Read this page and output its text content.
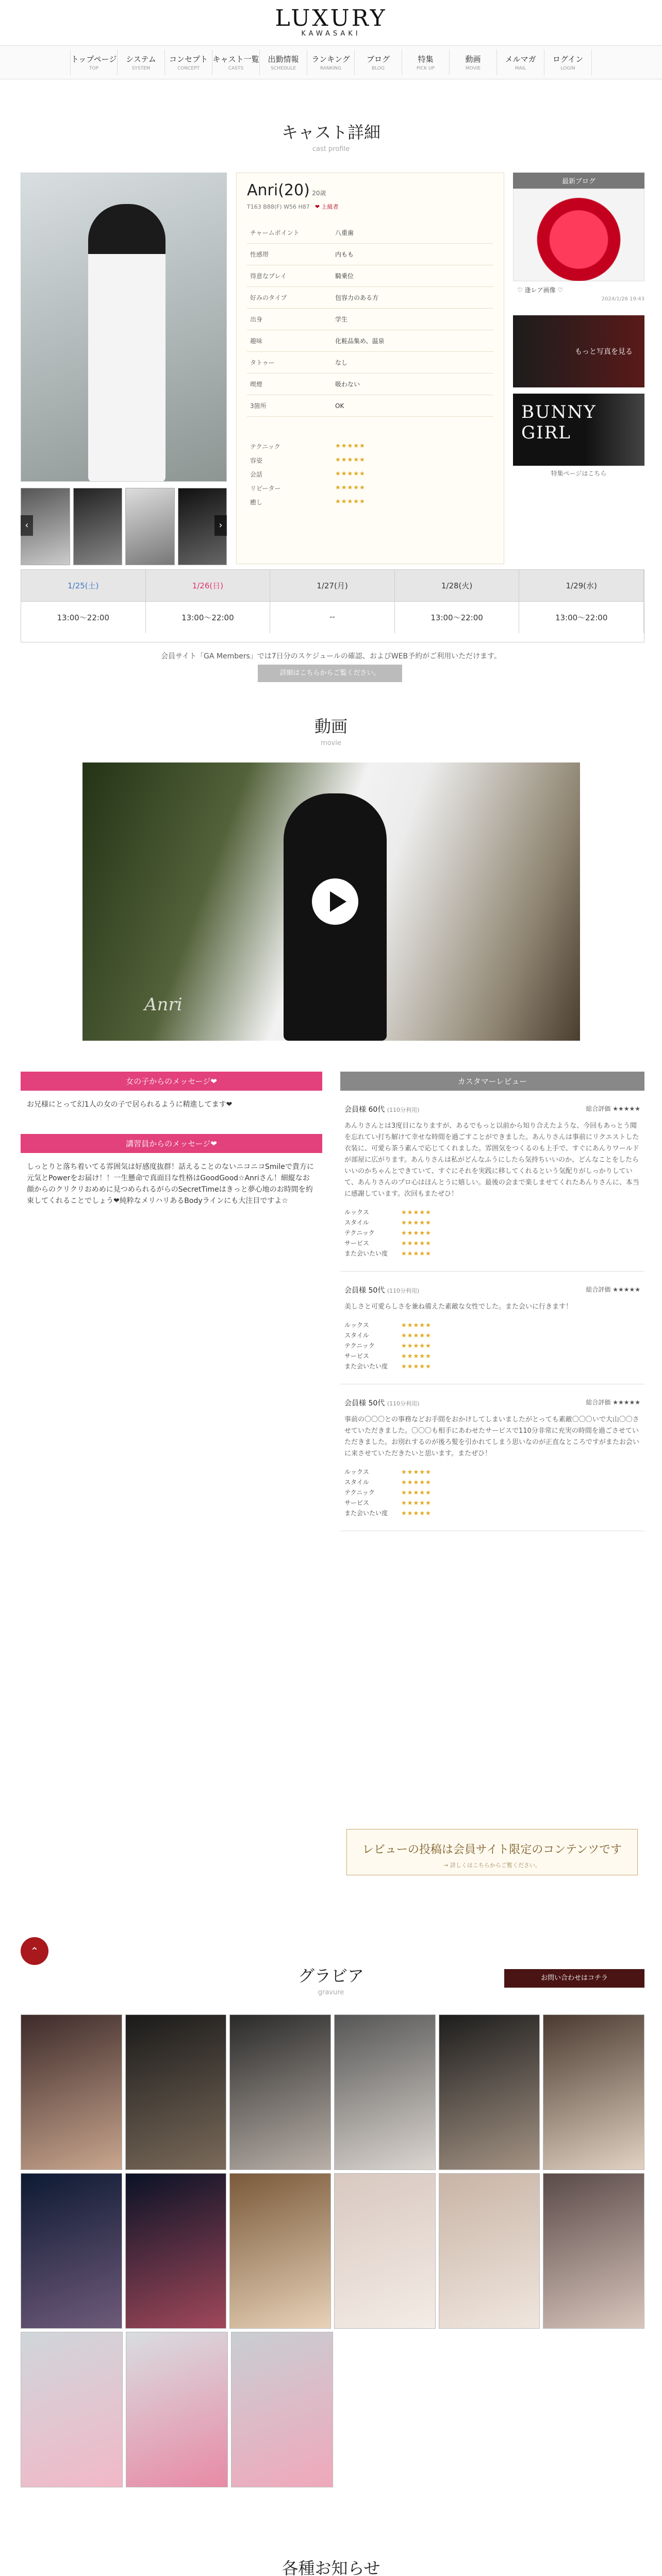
LUXURY
KAWASAKI
トップページ
TOP
システム
SYSTEM
コンセプト
CONCEPT
キャスト一覧
CASTS
出勤情報
SCHEDULE
ランキング
RANKING
ブログ
BLOG
特集
PICK UP
動画
MOVIE
メルマガ
MAIL
ログイン
LOGIN
キャスト詳細
cast profile
‹	›
Anri(20) 20歳
T163 B88(F) W56 H87 ❤ 上級者
チャームポイント	八重歯
性感帯	内もも
得意なプレイ	騎乗位
好みのタイプ	包容力のある方
出身	学生
趣味	化粧品集め、温泉
タトゥー	なし
喫煙	吸わない
3箇所	OK
テクニック	★★★★★
容姿	★★★★★
会話	★★★★★
リピーター	★★★★★
癒し	★★★★★
最新ブログ
♡ 逢レア画像 ♡
2024/1/26 19:43
もっと写真を見る
BUNNY GIRL
特集ページはこちら
1/25(土)	1/26(日)	1/27(月)	1/28(火)	1/29(水)
13:00〜22:00	13:00〜22:00	--	13:00〜22:00	13:00〜22:00
会員サイト「GA Members」では7日分のスケジュールの確認、およびWEB予約がご利用いただけます。
詳細はこちらからご覧ください。
動画
movie
Anri
女の子からのメッセージ❤
お兄様にとって幻1人の女の子で居られるように精進してます❤
講習員からのメッセージ❤
しっとりと落ち着いてる雰囲気は好感度抜群！話えることのないニコニコSmileで貴方に元気とPowerをお届け！！一生懸命で真面目な性格はGoodGood☆Anriさん！細縦なお顔からのクリクリおめめに見つめられるがらのSecretTimeはきっと夢心地のお時間を約束してくれることでしょう❤純粋なメリハリあるBodyラインにも大注目ですよ☆
カスタマーレビュー
会員様 60代 (110分利用)	総合評価 ★★★★★
あんりさんとは3度目になりますが、あるでもっと以前から知り合えたような、今回もあっとう聞を忘れてい打ち解けて幸せな時間を過ごすことができました。あんりさんは事前にリクエストした衣装に、可愛ら茶う素んで応じてくれました。雰囲気をつくるのも上手で、すぐにあんりワールドが部屋に広がります。あんりさんは私がどんなふうにしたら気持ちいいのか、どんなことをしたらいいのかちゃんとできていて、すぐにそれを実践に移してくれるという気配りがしっかりしていて、あんりさんのプロ心はほんとうに嬉しい。最後の会まで楽しませてくれたあんりさんに、本当に感謝しています。次回もまたぜひ！
ルックス	★★★★★
スタイル	★★★★★
テクニック	★★★★★
サービス	★★★★★
また会いたい度	★★★★★
会員様 50代 (110分利用)	総合評価 ★★★★★
美しさと可愛らしさを兼ね備えた素敵な女性でした。また会いに行きます！
ルックス	★★★★★
スタイル	★★★★★
テクニック	★★★★★
サービス	★★★★★
また会いたい度	★★★★★
会員様 50代 (110分利用)	総合評価 ★★★★★
事前の〇〇〇との事務などお手間をおかけしてしまいましたがとっても素敵〇〇〇いで大山〇〇させていただきました。〇〇〇も相手にあわせたサービスで110分非常に充実の時間を過ごさせていただきました。お別れするのが後ろ髪を引かれてしまう思いなのが正直なところですがまたお会いに来させていただきたいと思います。またぜひ！
ルックス	★★★★★
スタイル	★★★★★
テクニック	★★★★★
サービス	★★★★★
また会いたい度	★★★★★
レビューの投稿は会員サイト限定のコンテンツです
→ 詳しくはこちらからご覧ください。
⌃
グラビア
gravure
お問い合わせはコチラ
各種お知らせ
